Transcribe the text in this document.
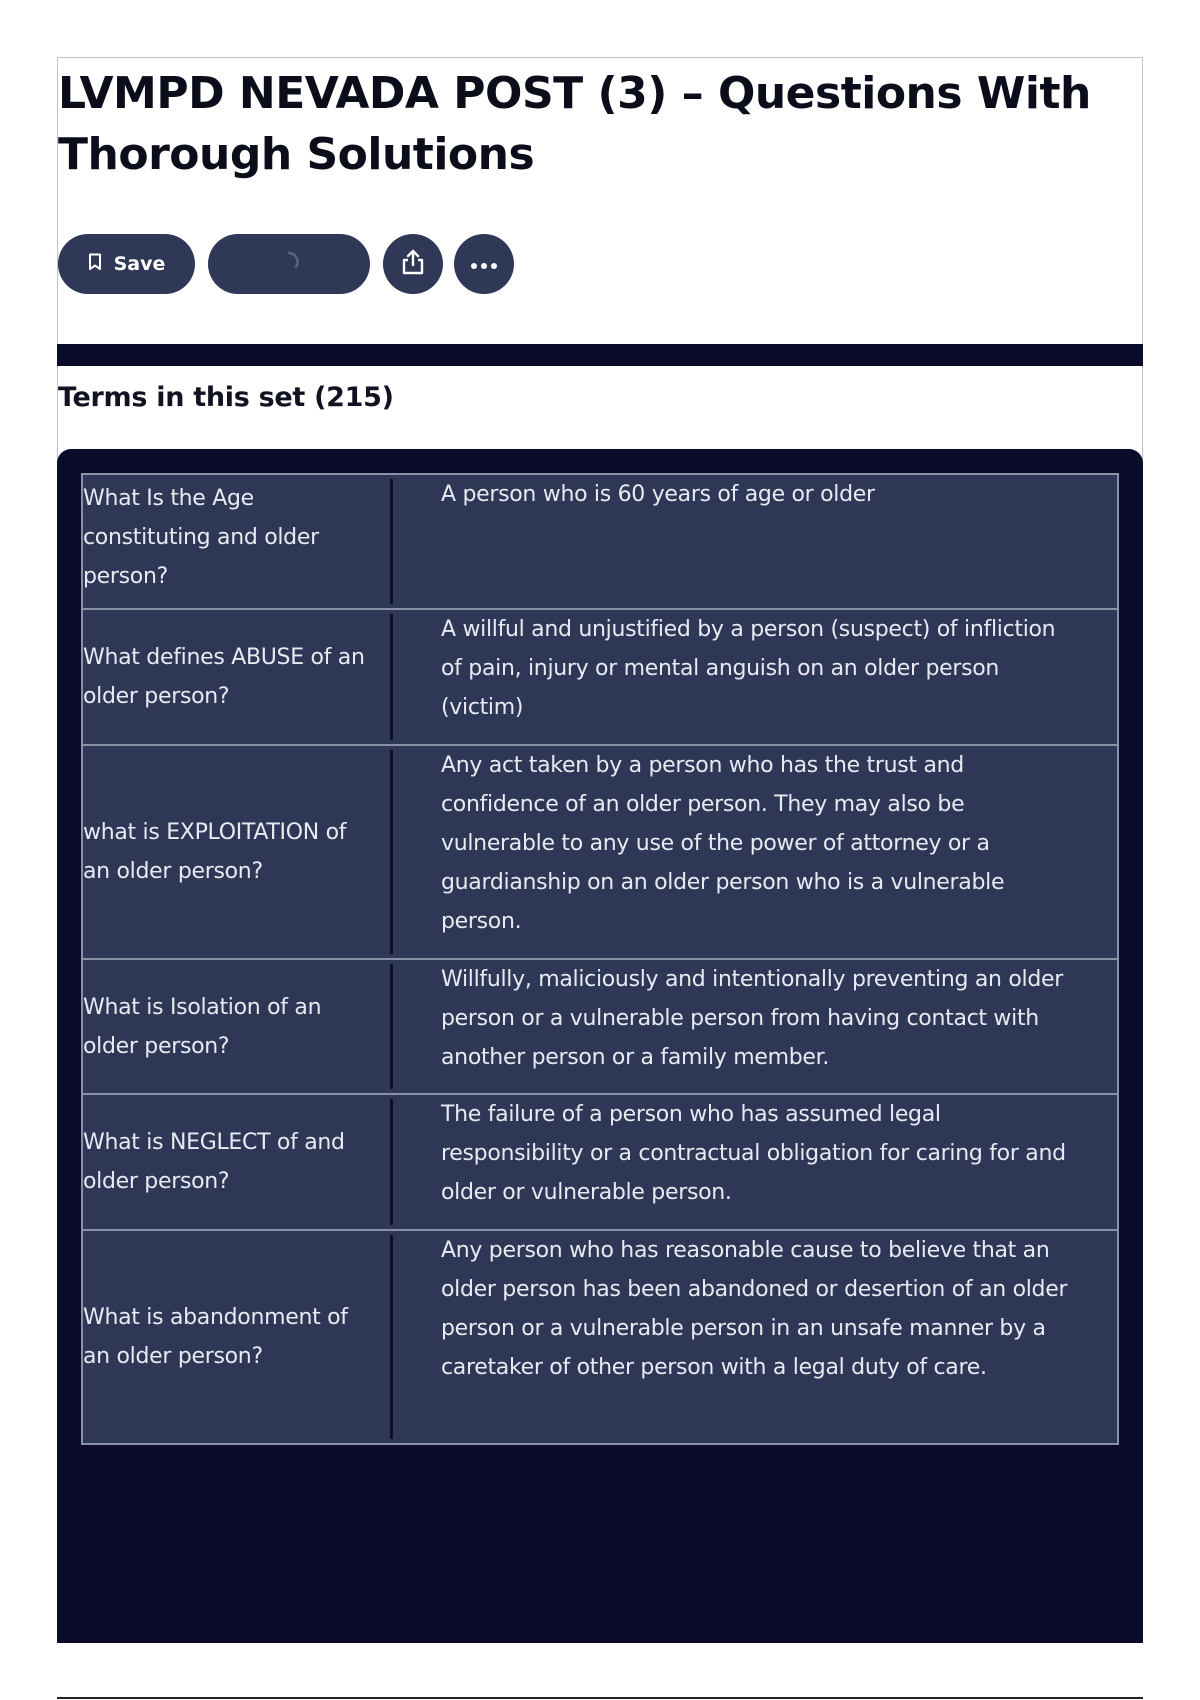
LVMPD NEVADA POST (3) – Questions With Thorough Solutions
Save
Terms in this set (215)
What Is the Age constituting and older person?
A person who is 60 years of age or older
What defines ABUSE of an older person?
A willful and unjustified by a person (suspect) of infliction of pain, injury or mental anguish on an older person (victim)
what is EXPLOITATION of an older person?
Any act taken by a person who has the trust and confidence of an older person. They may also be vulnerable to any use of the power of attorney or a guardianship on an older person who is a vulnerable person.
What is Isolation of an older person?
Willfully, maliciously and intentionally preventing an older person or a vulnerable person from having contact with another person or a family member.
What is NEGLECT of and older person?
The failure of a person who has assumed legal responsibility or a contractual obligation for caring for and older or vulnerable person.
What is abandonment of an older person?
Any person who has reasonable cause to believe that an older person has been abandoned or desertion of an older person or a vulnerable person in an unsafe manner by a caretaker of other person with a legal duty of care.
